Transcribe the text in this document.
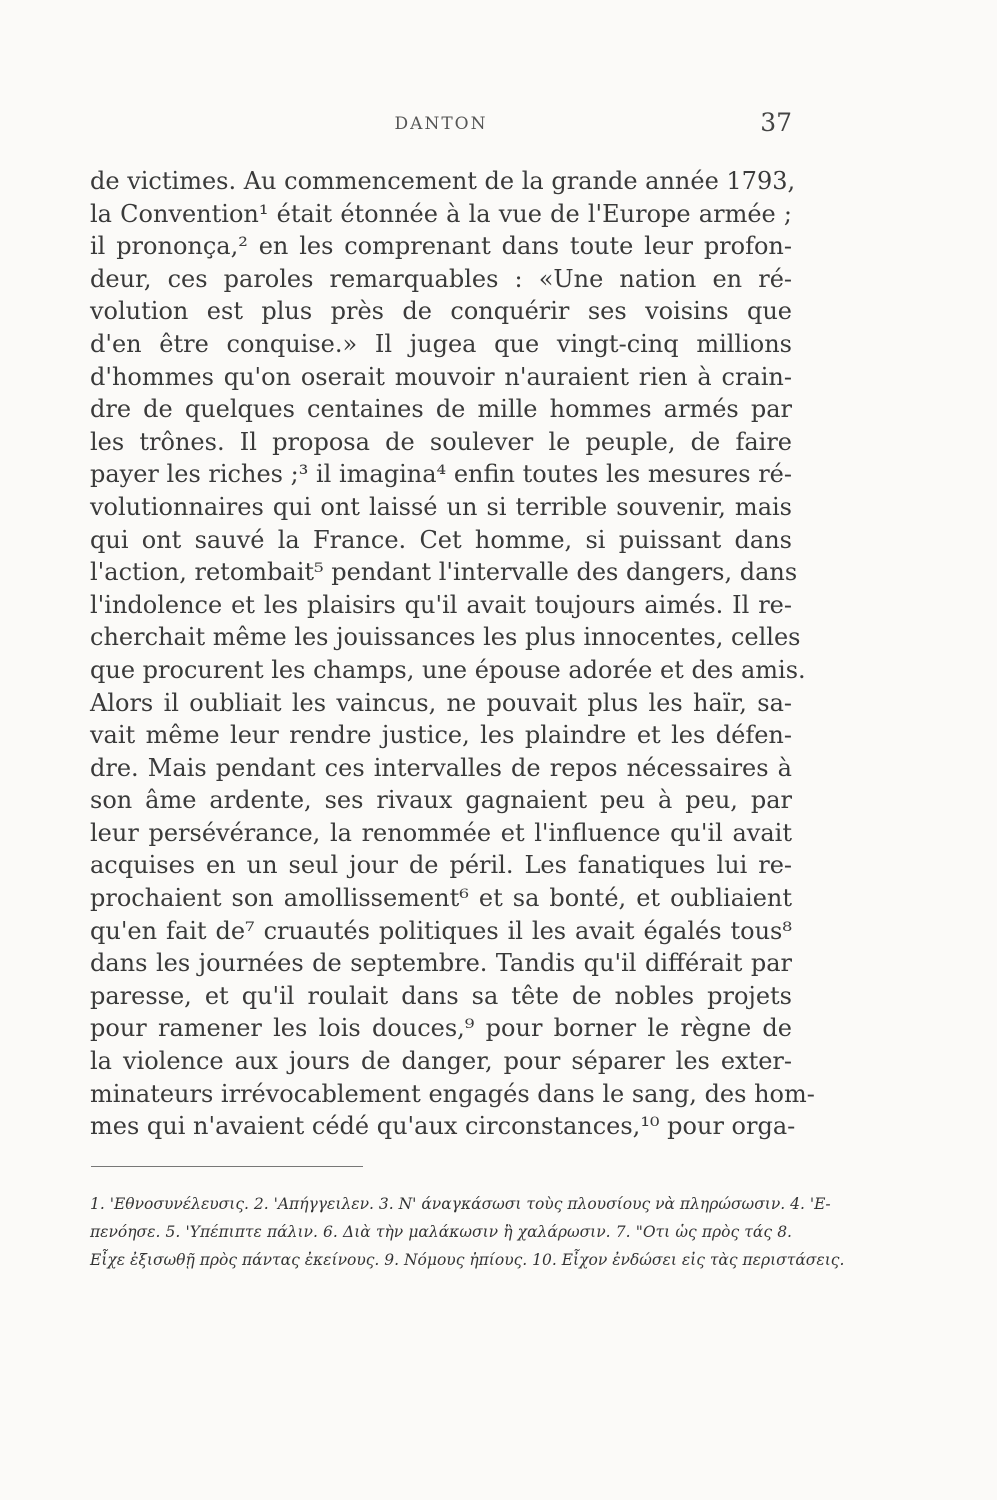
DANTON	37
de victimes. Au commencement de la grande année 1793,
la Convention¹ était étonnée à la vue de l'Europe armée ;
il prononça,² en les comprenant dans toute leur profon-
deur, ces paroles remarquables : «Une nation en ré-
volution est plus près de conquérir ses voisins que
d'en être conquise.» Il jugea que vingt-cinq millions
d'hommes qu'on oserait mouvoir n'auraient rien à crain-
dre de quelques centaines de mille hommes armés par
les trônes. Il proposa de soulever le peuple, de faire
payer les riches ;³ il imagina⁴ enfin toutes les mesures ré-
volutionnaires qui ont laissé un si terrible souvenir, mais
qui ont sauvé la France. Cet homme, si puissant dans
l'action, retombait⁵ pendant l'intervalle des dangers, dans
l'indolence et les plaisirs qu'il avait toujours aimés. Il re-
cherchait même les jouissances les plus innocentes, celles
que procurent les champs, une épouse adorée et des amis.
Alors il oubliait les vaincus, ne pouvait plus les haïr, sa-
vait même leur rendre justice, les plaindre et les défen-
dre. Mais pendant ces intervalles de repos nécessaires à
son âme ardente, ses rivaux gagnaient peu à peu, par
leur persévérance, la renommée et l'influence qu'il avait
acquises en un seul jour de péril. Les fanatiques lui re-
prochaient son amollissement⁶ et sa bonté, et oubliaient
qu'en fait de⁷ cruautés politiques il les avait égalés tous⁸
dans les journées de septembre. Tandis qu'il différait par
paresse, et qu'il roulait dans sa tête de nobles projets
pour ramener les lois douces,⁹ pour borner le règne de
la violence aux jours de danger, pour séparer les exter-
minateurs irrévocablement engagés dans le sang, des hom-
mes qui n'avaient cédé qu'aux circonstances,¹⁰ pour orga-
1. 'Εθνοσυνέλευσις. 2. 'Απήγγειλεν. 3. Ν' άναγκάσωσι τοὺς πλουσίους νὰ πληρώσωσιν. 4. 'Ε-
πενόησε. 5. 'Υπέπιπτε πάλιν. 6. Διὰ τὴν μαλάκωσιν ἢ χαλάρωσιν. 7. "Οτι ὡς πρὸς τάς 8.
Εἶχε ἐξισωθῇ πρὸς πάντας ἐκείνους. 9. Νόμους ἠπίους. 10. Εἶχον ἐνδώσει εἰς τὰς περιστάσεις.
